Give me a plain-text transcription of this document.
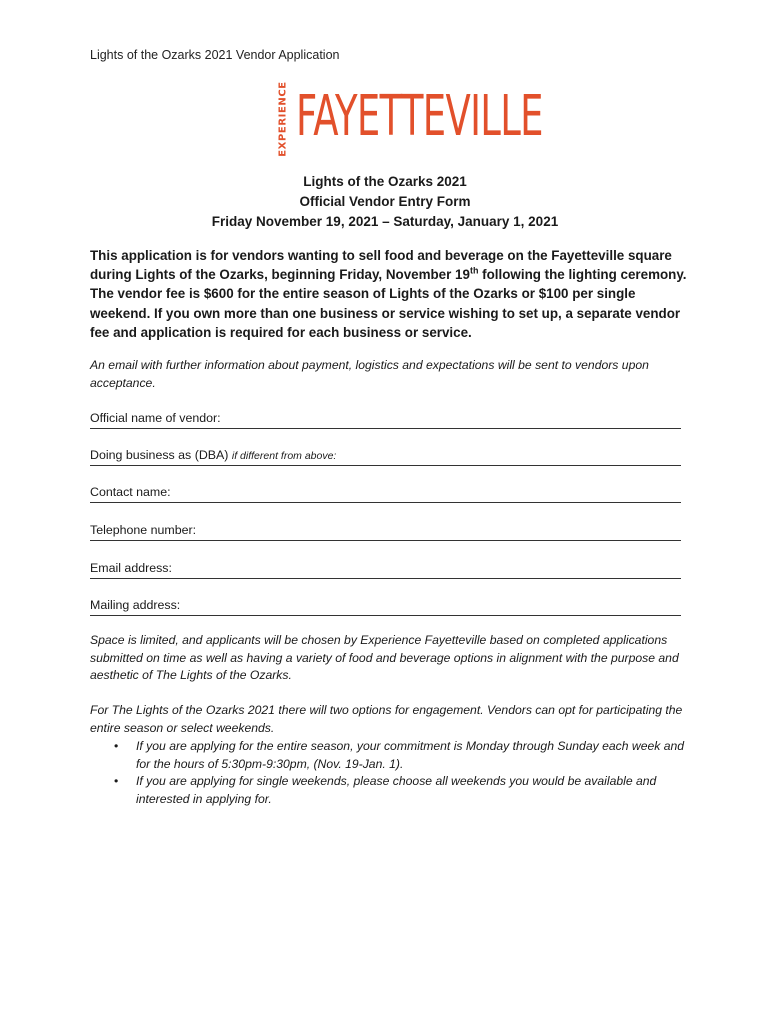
Lights of the Ozarks 2021 Vendor Application
EXPERIENCE FAYETTEVILLE
Lights of the Ozarks 2021
Official Vendor Entry Form
Friday November 19, 2021 – Saturday, January 1, 2021
This application is for vendors wanting to sell food and beverage on the Fayetteville square during Lights of the Ozarks, beginning Friday, November 19th following the lighting ceremony. The vendor fee is $600 for the entire season of Lights of the Ozarks or $100 per single weekend. If you own more than one business or service wishing to set up, a separate vendor fee and application is required for each business or service.
An email with further information about payment, logistics and expectations will be sent to vendors upon acceptance.
Official name of vendor:
Doing business as (DBA) if different from above:
Contact name:
Telephone number:
Email address:
Mailing address:
Space is limited, and applicants will be chosen by Experience Fayetteville based on completed applications submitted on time as well as having a variety of food and beverage options in alignment with the purpose and aesthetic of The Lights of the Ozarks.
For The Lights of the Ozarks 2021 there will two options for engagement. Vendors can opt for participating the entire season or select weekends.
• If you are applying for the entire season, your commitment is Monday through Sunday each week and for the hours of 5:30pm-9:30pm, (Nov. 19-Jan. 1).
• If you are applying for single weekends, please choose all weekends you would be available and interested in applying for.
